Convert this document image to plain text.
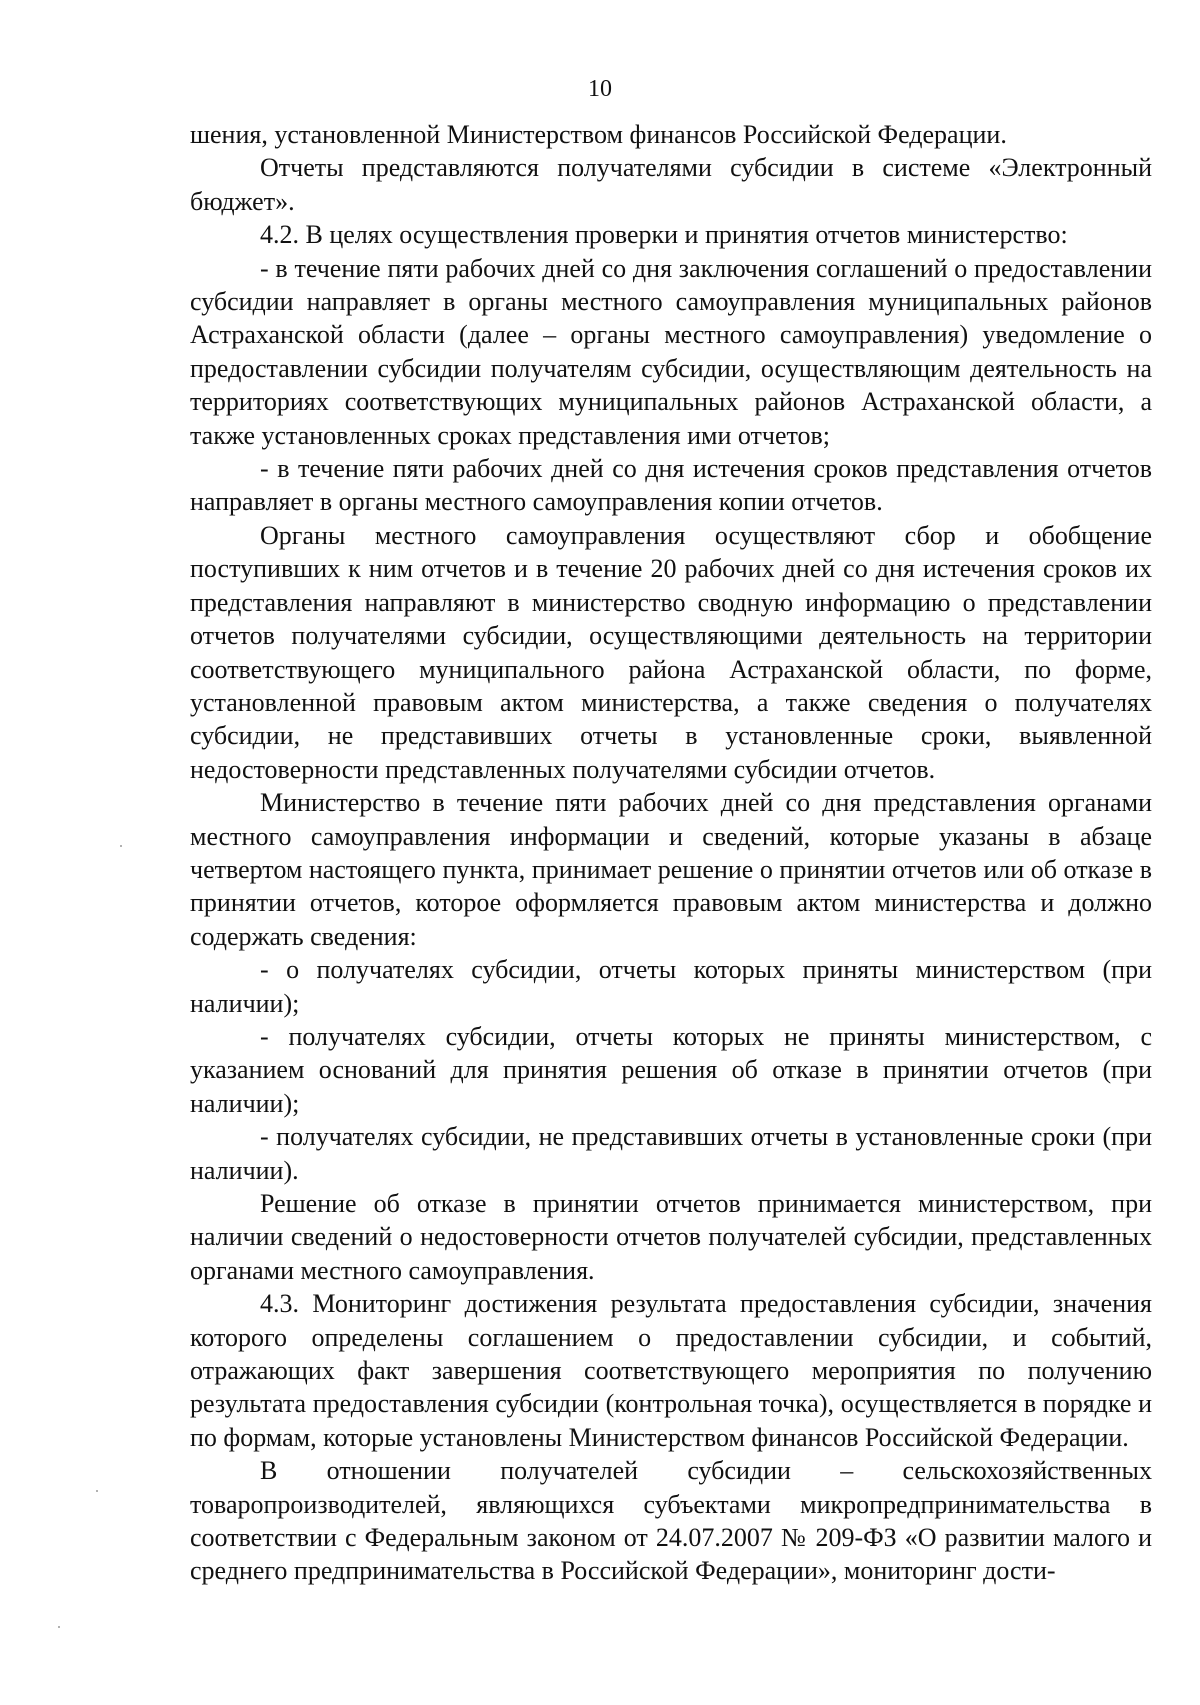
10

шения, установленной Министерством финансов Российской Федерации.

Отчеты представляются получателями субсидии в системе «Электронный бюджет».

4.2. В целях осуществления проверки и принятия отчетов министерство:

- в течение пяти рабочих дней со дня заключения соглашений о предоставлении субсидии направляет в органы местного самоуправления муниципальных районов Астраханской области (далее – органы местного самоуправления) уведомление о предоставлении субсидии получателям субсидии, осуществляющим деятельность на территориях соответствующих муниципальных районов Астраханской области, а также установленных сроках представления ими отчетов;

- в течение пяти рабочих дней со дня истечения сроков представления отчетов направляет в органы местного самоуправления копии отчетов.

Органы местного самоуправления осуществляют сбор и обобщение поступивших к ним отчетов и в течение 20 рабочих дней со дня истечения сроков их представления направляют в министерство сводную информацию о представлении отчетов получателями субсидии, осуществляющими деятельность на территории соответствующего муниципального района Астраханской области, по форме, установленной правовым актом министерства, а также сведения о получателях субсидии, не представивших отчеты в установленные сроки, выявленной недостоверности представленных получателями субсидии отчетов.

Министерство в течение пяти рабочих дней со дня представления органами местного самоуправления информации и сведений, которые указаны в абзаце четвертом настоящего пункта, принимает решение о принятии отчетов или об отказе в принятии отчетов, которое оформляется правовым актом министерства и должно содержать сведения:

- о получателях субсидии, отчеты которых приняты министерством (при наличии);

- получателях субсидии, отчеты которых не приняты министерством, с указанием оснований для принятия решения об отказе в принятии отчетов (при наличии);

- получателях субсидии, не представивших отчеты в установленные сроки (при наличии).

Решение об отказе в принятии отчетов принимается министерством, при наличии сведений о недостоверности отчетов получателей субсидии, представленных органами местного самоуправления.

4.3. Мониторинг достижения результата предоставления субсидии, значения которого определены соглашением о предоставлении субсидии, и событий, отражающих факт завершения соответствующего мероприятия по получению результата предоставления субсидии (контрольная точка), осуществляется в порядке и по формам, которые установлены Министерством финансов Российской Федерации.

В отношении получателей субсидии – сельскохозяйственных товаропроизводителей, являющихся субъектами микропредпринимательства в соответствии с Федеральным законом от 24.07.2007 № 209-ФЗ «О развитии малого и среднего предпринимательства в Российской Федерации», мониторинг дости-
